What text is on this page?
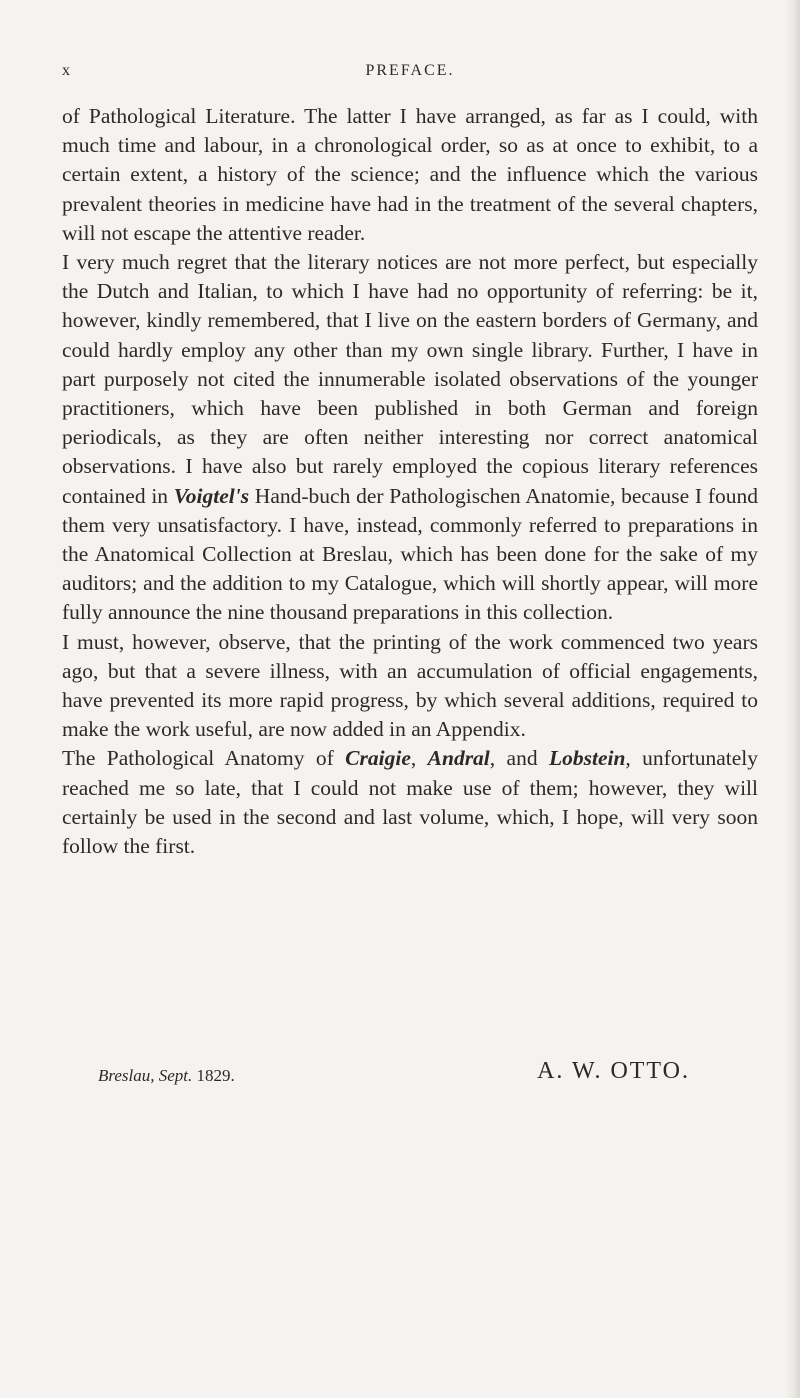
x	PREFACE.

of Pathological Literature. The latter I have arranged, as far as I could, with much time and labour, in a chronological order, so as at once to exhibit, to a certain extent, a history of the science; and the influence which the various prevalent theories in medicine have had in the treatment of the several chapters, will not escape the attentive reader.

I very much regret that the literary notices are not more perfect, but especially the Dutch and Italian, to which I have had no opportunity of referring: be it, however, kindly remembered, that I live on the eastern borders of Germany, and could hardly employ any other than my own single library. Further, I have in part purposely not cited the innumerable isolated observations of the younger practitioners, which have been published in both German and foreign periodicals, as they are often neither interesting nor correct anatomical observations. I have also but rarely employed the copious literary references contained in Voigtel's Hand-buch der Pathologischen Anatomie, because I found them very unsatisfactory. I have, instead, commonly referred to preparations in the Anatomical Collection at Breslau, which has been done for the sake of my auditors; and the addition to my Catalogue, which will shortly appear, will more fully announce the nine thousand preparations in this collection.

I must, however, observe, that the printing of the work commenced two years ago, but that a severe illness, with an accumulation of official engagements, have prevented its more rapid progress, by which several additions, required to make the work useful, are now added in an Appendix.

The Pathological Anatomy of Craigie, Andral, and Lobstein, unfortunately reached me so late, that I could not make use of them; however, they will certainly be used in the second and last volume, which, I hope, will very soon follow the first.

Breslau, Sept. 1829.	A. W. OTTO.
